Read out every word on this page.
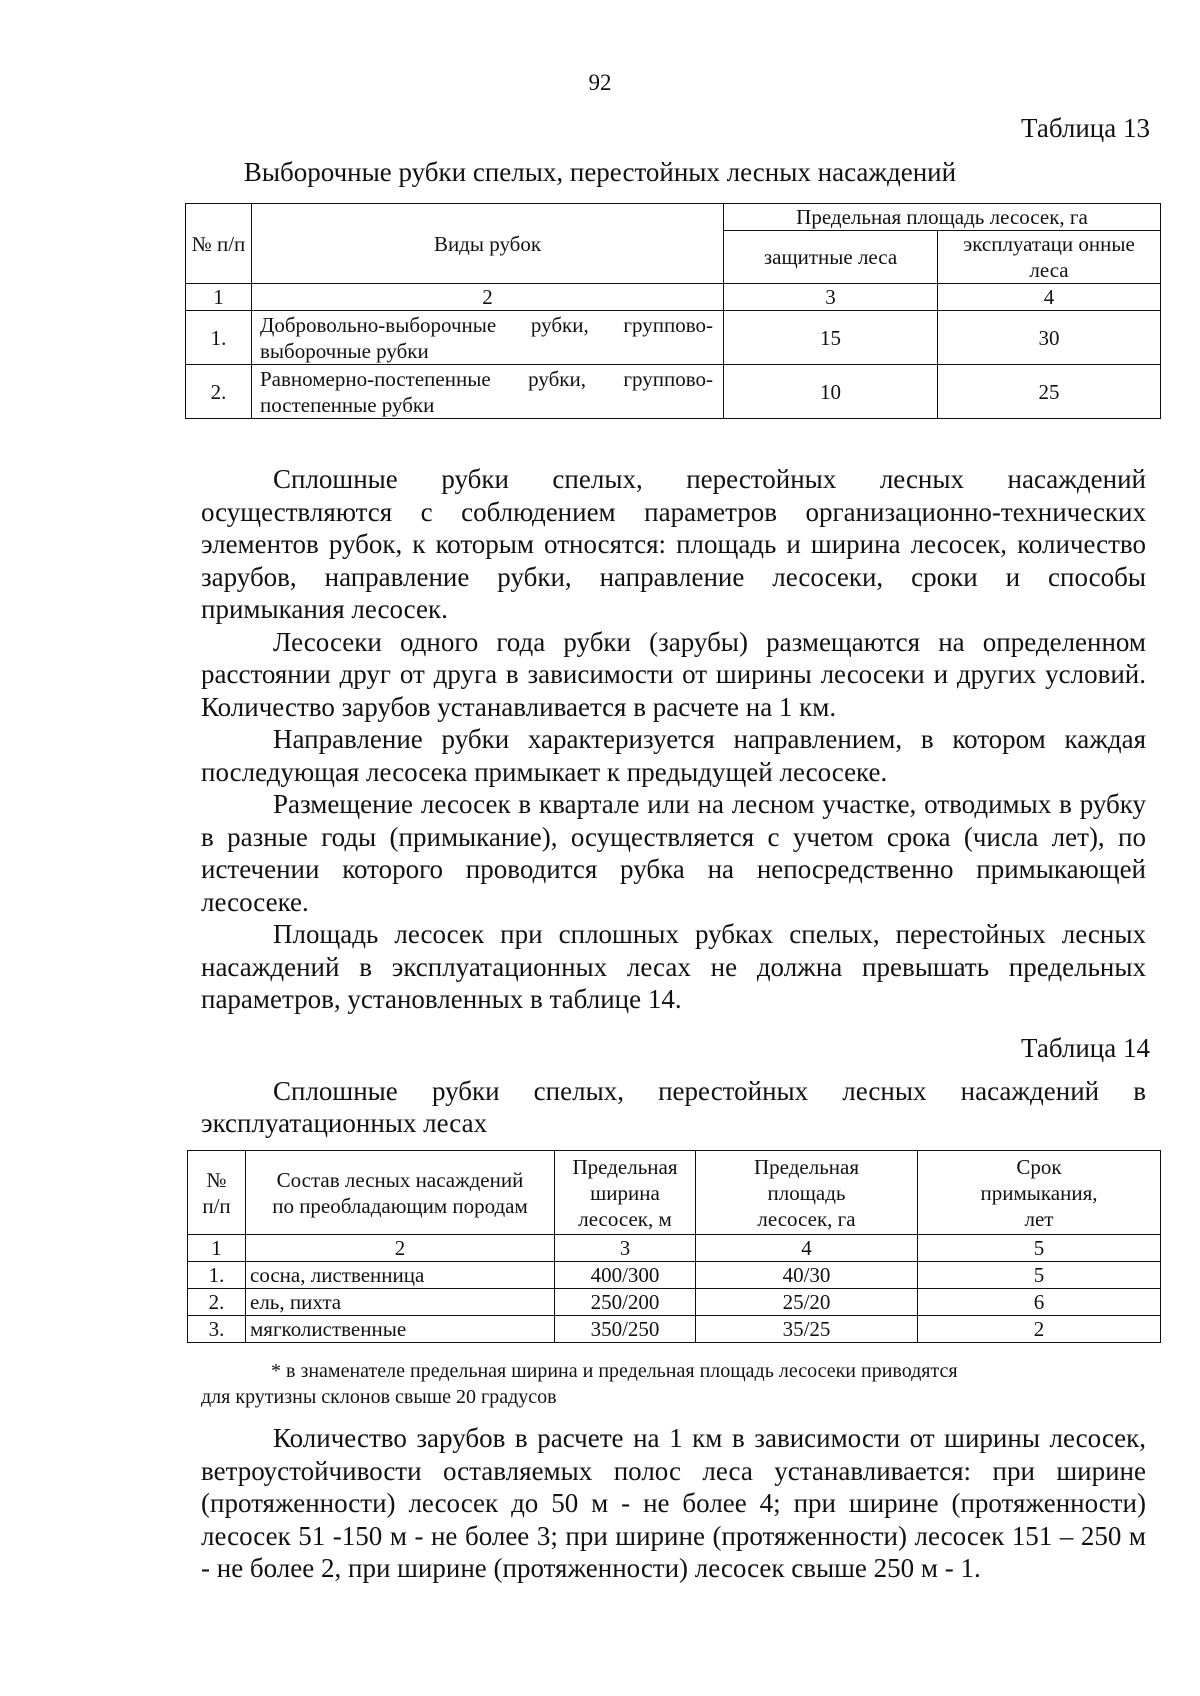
92
Таблица 13
Выборочные рубки спелых, перестойных лесных насаждений
№ п/п	Виды рубок	Предельная площадь лесосек, га	
		защитные леса	эксплуатаци онные леса
1	2	3	4
1.	Добровольно-выборочные рубки, группово-выборочные рубки	15	30
2.	Равномерно-постепенные рубки, группово-постепенные рубки	10	25

Сплошные рубки спелых, перестойных лесных насаждений осуществляются с соблюдением параметров организационно-технических элементов рубок, к которым относятся: площадь и ширина лесосек, количество зарубов, направление рубки, направление лесосеки, сроки и способы примыкания лесосек.

Лесосеки одного года рубки (зарубы) размещаются на определенном расстоянии друг от друга в зависимости от ширины лесосеки и других условий. Количество зарубов устанавливается в расчете на 1 км.

Направление рубки характеризуется направлением, в котором каждая последующая лесосека примыкает к предыдущей лесосеке.

Размещение лесосек в квартале или на лесном участке, отводимых в рубку в разные годы (примыкание), осуществляется с учетом срока (числа лет), по истечении которого проводится рубка на непосредственно примыкающей лесосеке.

Площадь лесосек при сплошных рубках спелых, перестойных лесных насаждений в эксплуатационных лесах не должна превышать предельных параметров, установленных в таблице 14.

Таблица 14
Сплошные рубки спелых, перестойных лесных насаждений в эксплуатационных лесах
№ п/п	Состав лесных насаждений по преобладающим породам	Предельная ширина лесосек, м	Предельная площадь лесосек, га	Срок примыкания, лет
1	2	3	4	5
1.	сосна, лиственница	400/300	40/30	5
2.	ель, пихта	250/200	25/20	6
3.	мягколиственные	350/250	35/25	2
* в знаменателе предельная ширина и предельная площадь лесосеки приводятся
для крутизны склонов свыше 20 градусов

Количество зарубов в расчете на 1 км в зависимости от ширины лесосек, ветроустойчивости оставляемых полос леса устанавливается: при ширине (протяженности) лесосек до 50 м - не более 4; при ширине (протяженности) лесосек 51 -150 м - не более 3; при ширине (протяженности) лесосек 151 – 250 м - не более 2, при ширине (протяженности) лесосек свыше 250 м - 1.
